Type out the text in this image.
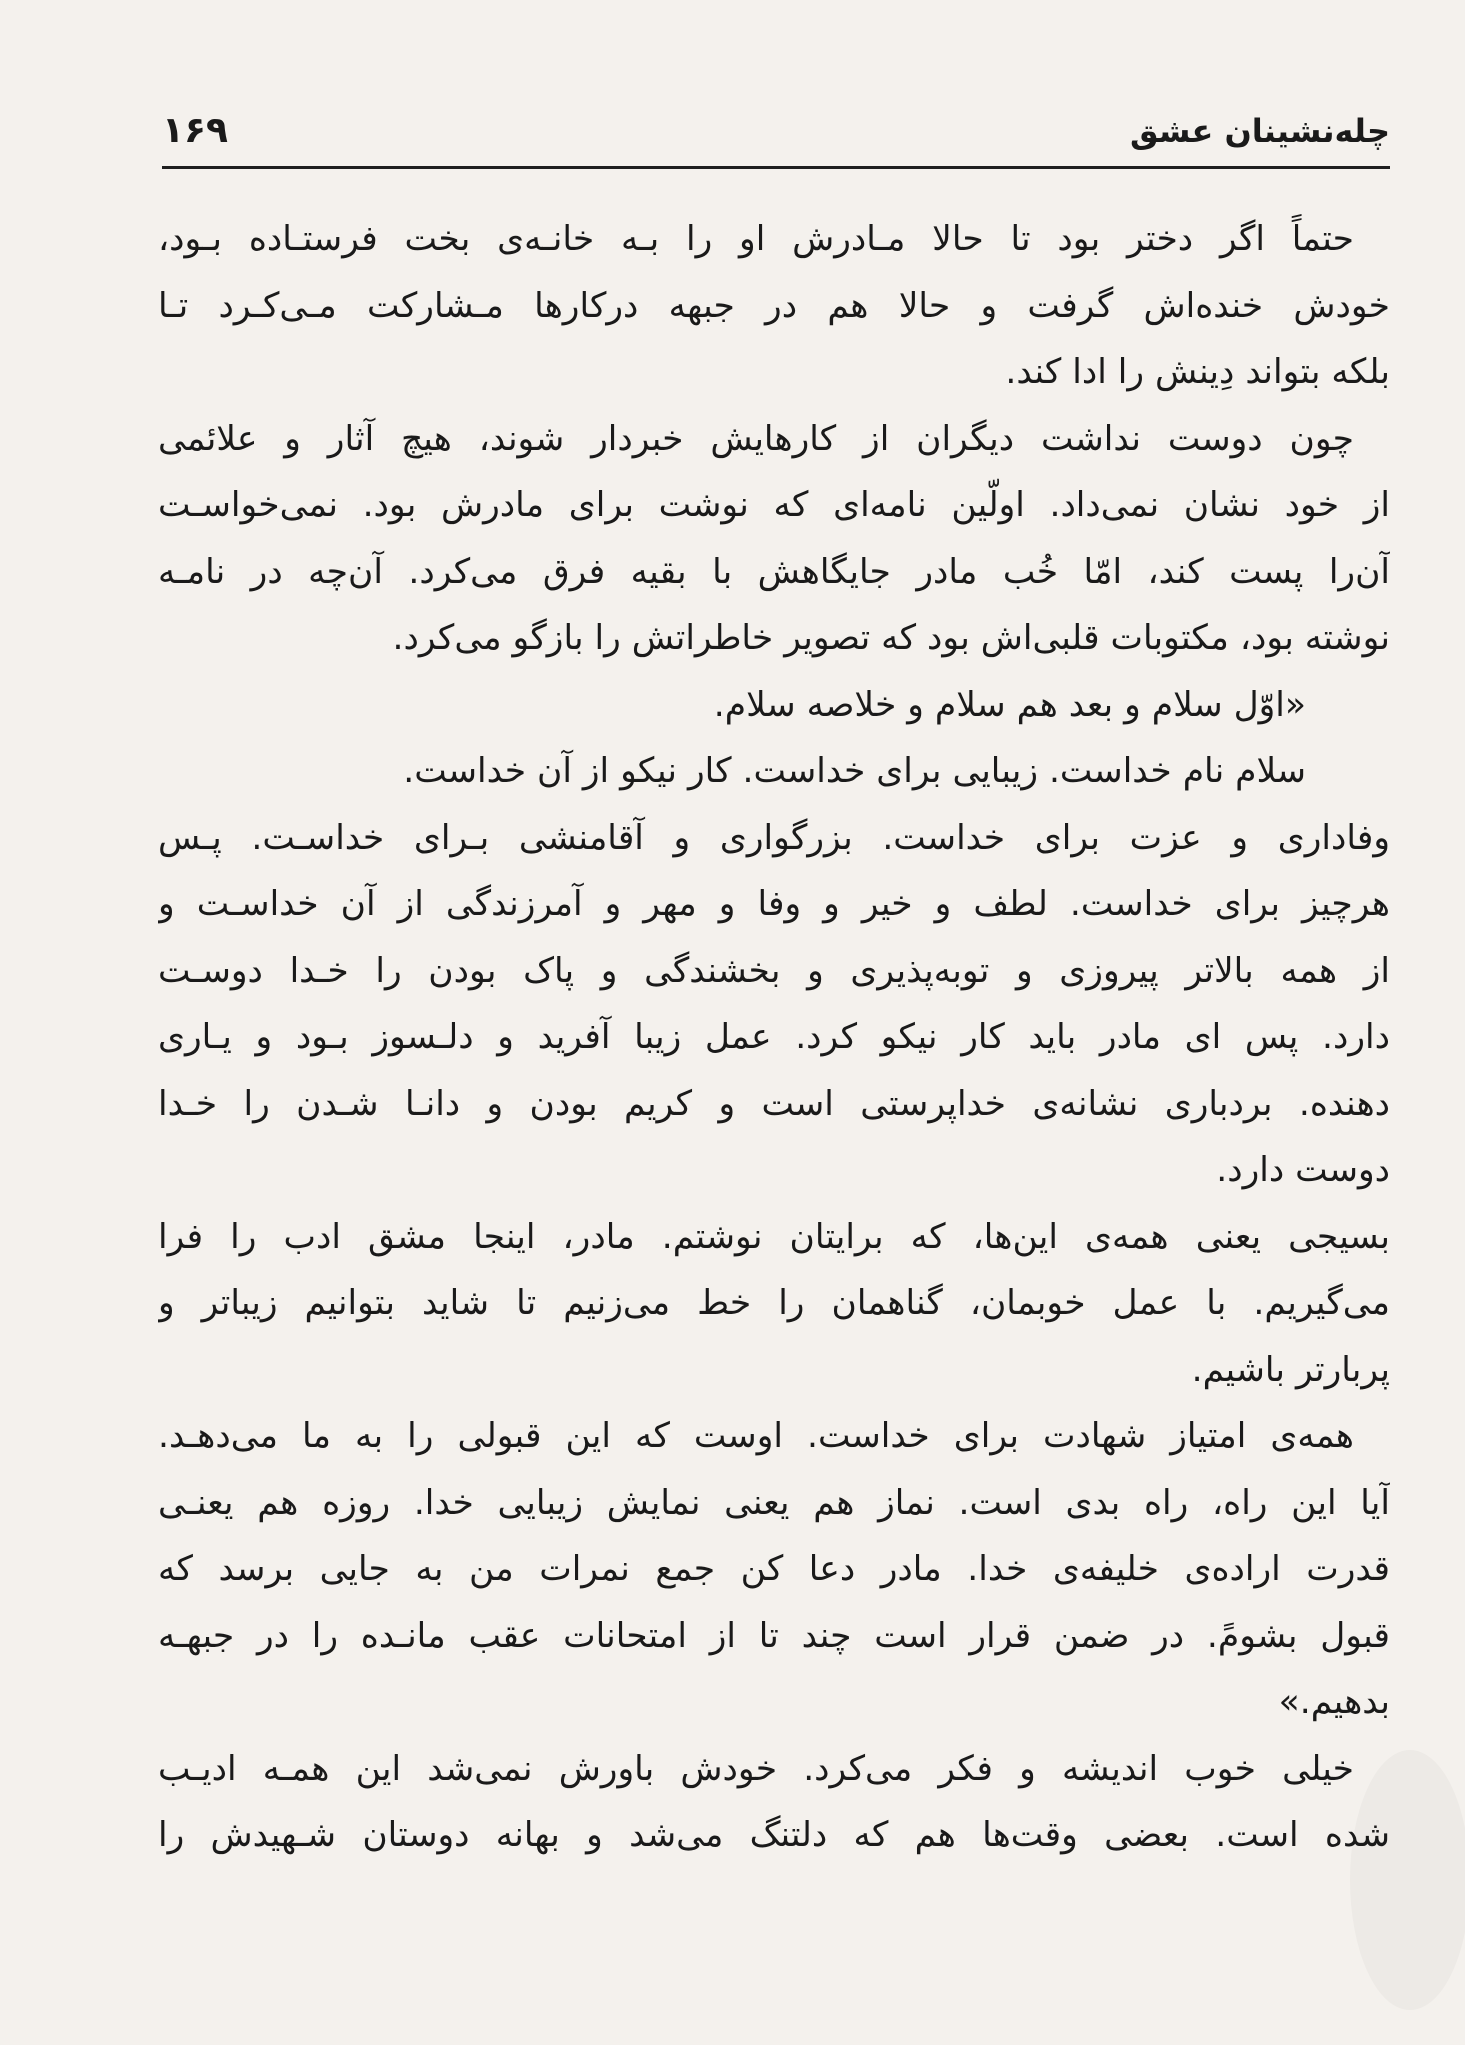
چله‌نشینان عشق
۱۶۹
حتماً اگر دختر بود تا حالا مـادرش او را بـه خانـه‌ی بخت فرستـاده بـود،
خودش خنده‌اش گرفت و حالا هم در جبهه درکارها مـشارکت مـی‌کـرد تـا
بلکه بتواند دِینش را ادا کند.
چون دوست نداشت دیگران از کارهایش خبردار شوند، هیچ آثار و علائمی
از خود نشان نمی‌داد. اولّین نامه‌ای که نوشت برای مادرش بود. نمی‌خواسـت
آن‌را پست کند، امّا خُب مادر جایگاهش با بقیه فرق می‌کرد. آن‌چه در نامـه
نوشته بود، مکتوبات قلبی‌اش بود که تصویر خاطراتش را بازگو می‌کرد.
«اوّل سلام و بعد هم سلام و خلاصه سلام.
سلام نام خداست. زیبایی برای خداست. کار نیکو از آن خداست.
وفاداری و عزت برای خداست. بزرگواری و آقامنشی بـرای خداسـت. پـس
هرچیز برای خداست. لطف و خیر و وفا و مهر و آمرزندگی از آن خداسـت و
از همه بالاتر پیروزی و توبه‌پذیری و بخشندگی و پاک بودن را خـدا دوسـت
دارد. پس ای مادر باید کار نیکو کرد. عمل زیبا آفرید و دلـسوز بـود و یـاری
دهنده. بردباری نشانه‌ی خداپرستی است و کریم بودن و دانـا شـدن را خـدا
دوست دارد.
بسیجی یعنی همه‌ی این‌ها، که برایتان نوشتم. مادر، اینجا مشق ادب را فرا
می‌گیریم. با عمل خوبمان، گناهمان را خط می‌زنیم تا شاید بتوانیم زیباتر و
پربارتر باشیم.
همه‌ی امتیاز شهادت برای خداست. اوست که این قبولی را به ما می‌دهـد.
آیا این راه، راه بدی است. نماز هم یعنی نمایش زیبایی خدا. روزه هم یعنـی
قدرت اراده‌ی خلیفه‌ی خدا. مادر دعا کن جمع نمرات من به جایی برسد که
قبول بشومً. در ضمن قرار است چند تا از امتحانات عقب مانـده را در جبهـه
بدهیم.»
خیلی خوب اندیشه و فکر می‌کرد. خودش باورش نمی‌شد این همـه ادیـب
شده است. بعضی وقت‌ها هم که دلتنگ می‌شد و بهانه دوستان شـهیدش را
